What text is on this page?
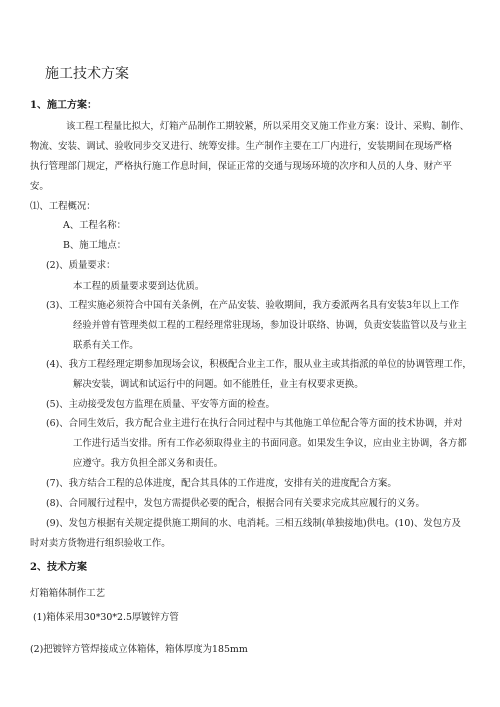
施工技术方案
1、施工方案：
该工程工程量比拟大，灯箱产品制作工期较紧，所以采用交叉施工作业方案：设计、采购、制作、
物流、安装、调试、验收同步交叉进行、统筹安排。生产制作主要在工厂内进行，安装期间在现场严格
执行管理部门规定，严格执行施工作息时间，保证正常的交通与现场环境的次序和人员的人身、财产平
安。
⑴、工程概况：
A、工程名称：
B、施工地点：
(2)、质量要求：
本工程的质量要求要到达优质。
(3)、工程实施必须符合中国有关条例，在产品安装、验收期间，我方委派两名具有安装3年以上工作
经验并曾有管理类似工程的工程经理常驻现场，参加设计联络、协调，负责安装监管以及与业主
联系有关工作。
(4)、我方工程经理定期参加现场会议，积极配合业主工作，服从业主或其指派的单位的协调管理工作，
解决安装，调试和试运行中的问题。如不能胜任，业主有权要求更换。
(5)、主动接受发包方监理在质量、平安等方面的检查。
(6)、合同生效后，我方配合业主进行在执行合同过程中与其他施工单位配合等方面的技术协调，并对
工作进行适当安排。所有工作必须取得业主的书面同意。如果发生争议，应由业主协调，各方都
应遵守。我方负担全部义务和责任。
(7)、我方结合工程的总体进度，配合其具体的工作进度，安排有关的进度配合方案。
(8)、合同履行过程中，发包方需提供必要的配合，根据合同有关要求完成其应履行的义务。
(9)、发包方根据有关规定提供施工期间的水、电消耗。三相五线制(单独接地)供电。(10)、发包方及
时对卖方货物进行组织验收工作。
2、技术方案
灯箱箱体制作工艺
(1)箱体采用30*30*2.5厚镀锌方管
(2)把镀锌方管焊接成立体箱体，箱体厚度为185mm
